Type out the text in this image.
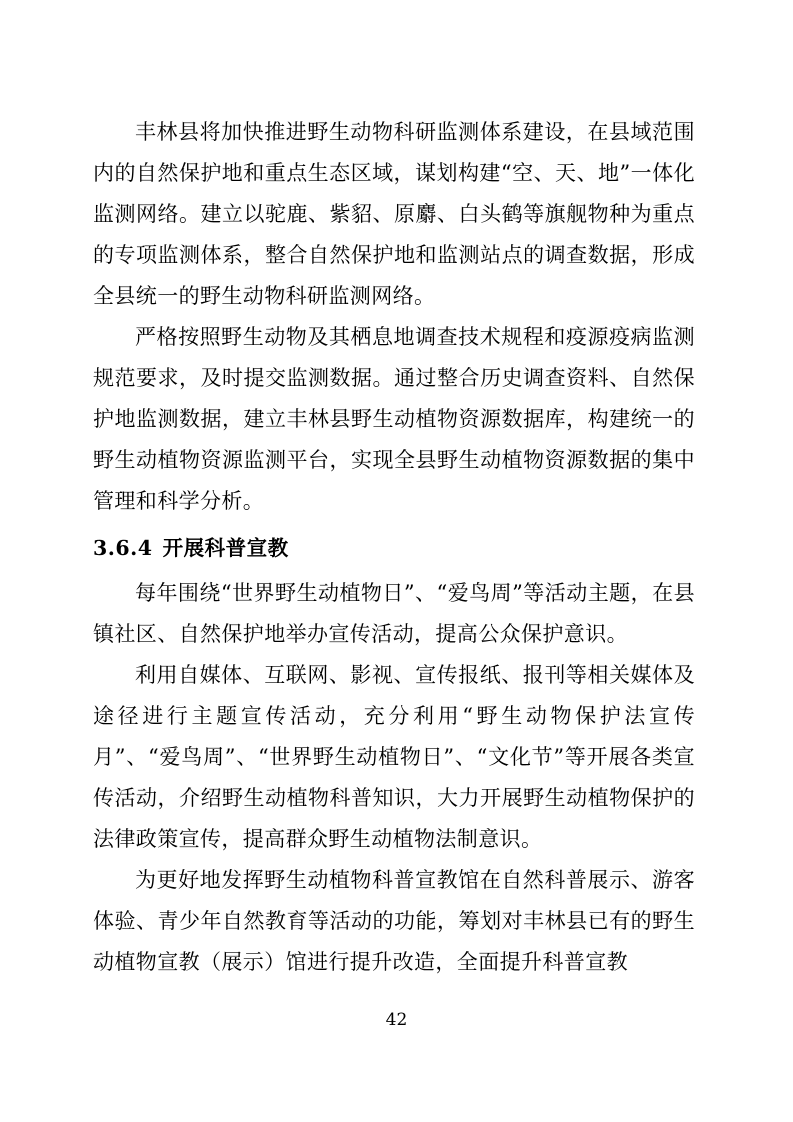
丰林县将加快推进野生动物科研监测体系建设，在县域范围内的自然保护地和重点生态区域，谋划构建“空、天、地”一体化监测网络。建立以驼鹿、紫貂、原麝、白头鹤等旗舰物种为重点的专项监测体系，整合自然保护地和监测站点的调查数据，形成全县统一的野生动物科研监测网络。

严格按照野生动物及其栖息地调查技术规程和疫源疫病监测规范要求，及时提交监测数据。通过整合历史调查资料、自然保护地监测数据，建立丰林县野生动植物资源数据库，构建统一的野生动植物资源监测平台，实现全县野生动植物资源数据的集中管理和科学分析。

3.6.4 开展科普宣教

每年围绕“世界野生动植物日”、“爱鸟周”等活动主题，在县镇社区、自然保护地举办宣传活动，提高公众保护意识。

利用自媒体、互联网、影视、宣传报纸、报刊等相关媒体及途径进行主题宣传活动，充分利用“野生动物保护法宣传月”、“爱鸟周”、“世界野生动植物日”、“文化节”等开展各类宣传活动，介绍野生动植物科普知识，大力开展野生动植物保护的法律政策宣传，提高群众野生动植物法制意识。

为更好地发挥野生动植物科普宣教馆在自然科普展示、游客体验、青少年自然教育等活动的功能，筹划对丰林县已有的野生动植物宣教（展示）馆进行提升改造，全面提升科普宣教

42
